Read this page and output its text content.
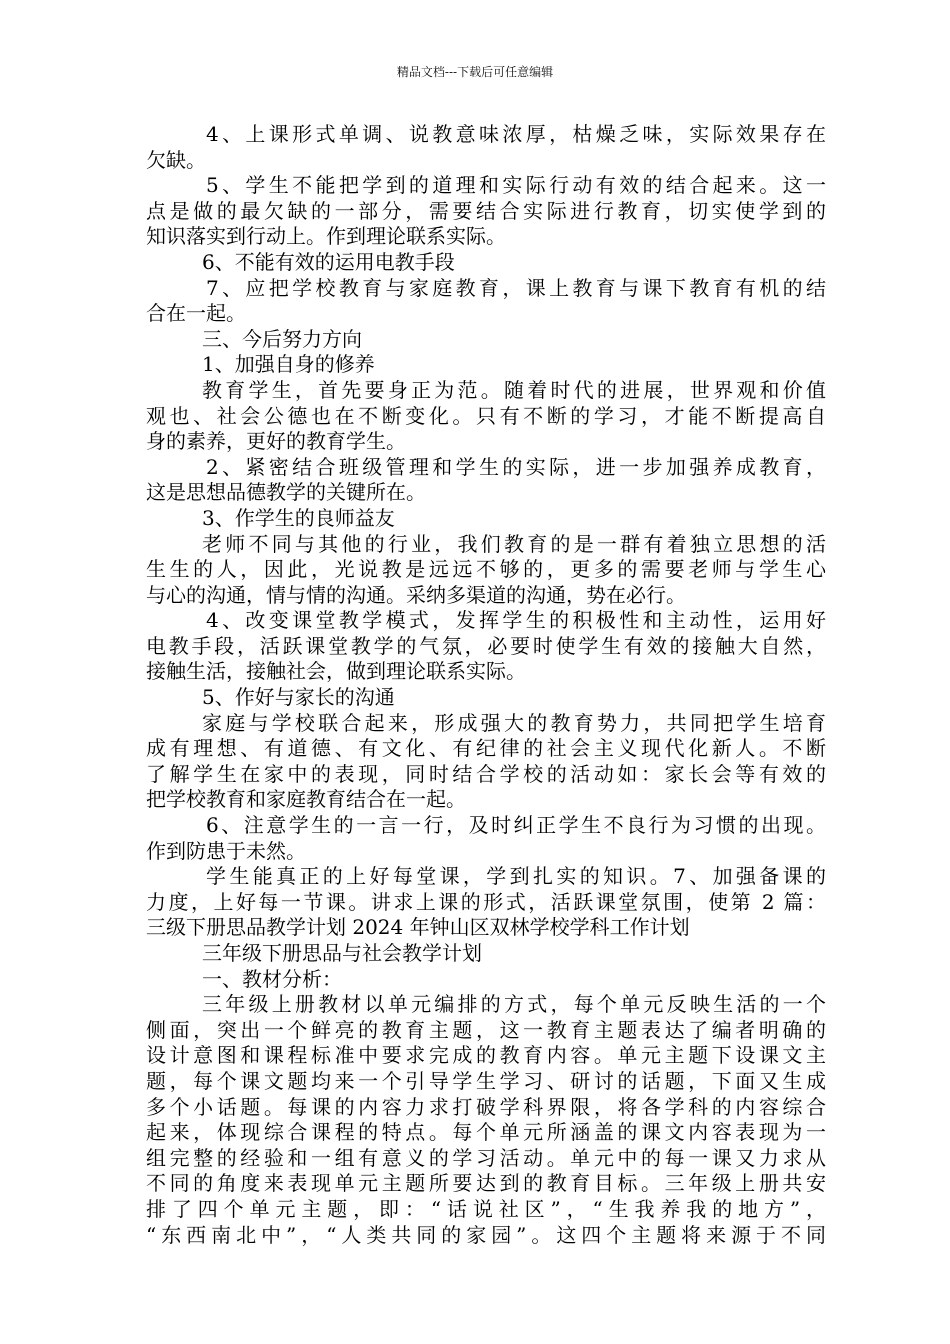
精品文档---下载后可任意编辑
4、上课形式单调、说教意味浓厚，枯燥乏味，实际效果存在
欠缺。
5、学生不能把学到的道理和实际行动有效的结合起来。这一
点是做的最欠缺的一部分，需要结合实际进行教育，切实使学到的
知识落实到行动上。作到理论联系实际。
6、不能有效的运用电教手段
7、应把学校教育与家庭教育，课上教育与课下教育有机的结
合在一起。
三、今后努力方向
1、加强自身的修养
教育学生，首先要身正为范。随着时代的进展，世界观和价值
观也、社会公德也在不断变化。只有不断的学习，才能不断提高自
身的素养，更好的教育学生。
2、紧密结合班级管理和学生的实际，进一步加强养成教育，
这是思想品德教学的关键所在。
3、作学生的良师益友
老师不同与其他的行业，我们教育的是一群有着独立思想的活
生生的人，因此，光说教是远远不够的，更多的需要老师与学生心
与心的沟通，情与情的沟通。采纳多渠道的沟通，势在必行。
4、改变课堂教学模式，发挥学生的积极性和主动性，运用好
电教手段，活跃课堂教学的气氛，必要时使学生有效的接触大自然，
接触生活，接触社会，做到理论联系实际。
5、作好与家长的沟通
家庭与学校联合起来，形成强大的教育势力，共同把学生培育
成有理想、有道德、有文化、有纪律的社会主义现代化新人。不断
了解学生在家中的表现，同时结合学校的活动如：家长会等有效的
把学校教育和家庭教育结合在一起。
6、注意学生的一言一行，及时纠正学生不良行为习惯的出现。
作到防患于未然。
学生能真正的上好每堂课，学到扎实的知识。7、加强备课的
力度，上好每一节课。讲求上课的形式，活跃课堂氛围，使第 2 篇：
三级下册思品教学计划 2024 年钟山区双林学校学科工作计划
三年级下册思品与社会教学计划
一、教材分析：
三年级上册教材以单元编排的方式，每个单元反映生活的一个
侧面，突出一个鲜亮的教育主题，这一教育主题表达了编者明确的
设计意图和课程标准中要求完成的教育内容。单元主题下设课文主
题，每个课文题均来一个引导学生学习、研讨的话题，下面又生成
多个小话题。每课的内容力求打破学科界限，将各学科的内容综合
起来，体现综合课程的特点。每个单元所涵盖的课文内容表现为一
组完整的经验和一组有意义的学习活动。单元中的每一课又力求从
不同的角度来表现单元主题所要达到的教育目标。三年级上册共安
排了四个单元主题，即：“话说社区”，“生我养我的地方”，
“东西南北中”，“人类共同的家园”。这四个主题将来源于不同
